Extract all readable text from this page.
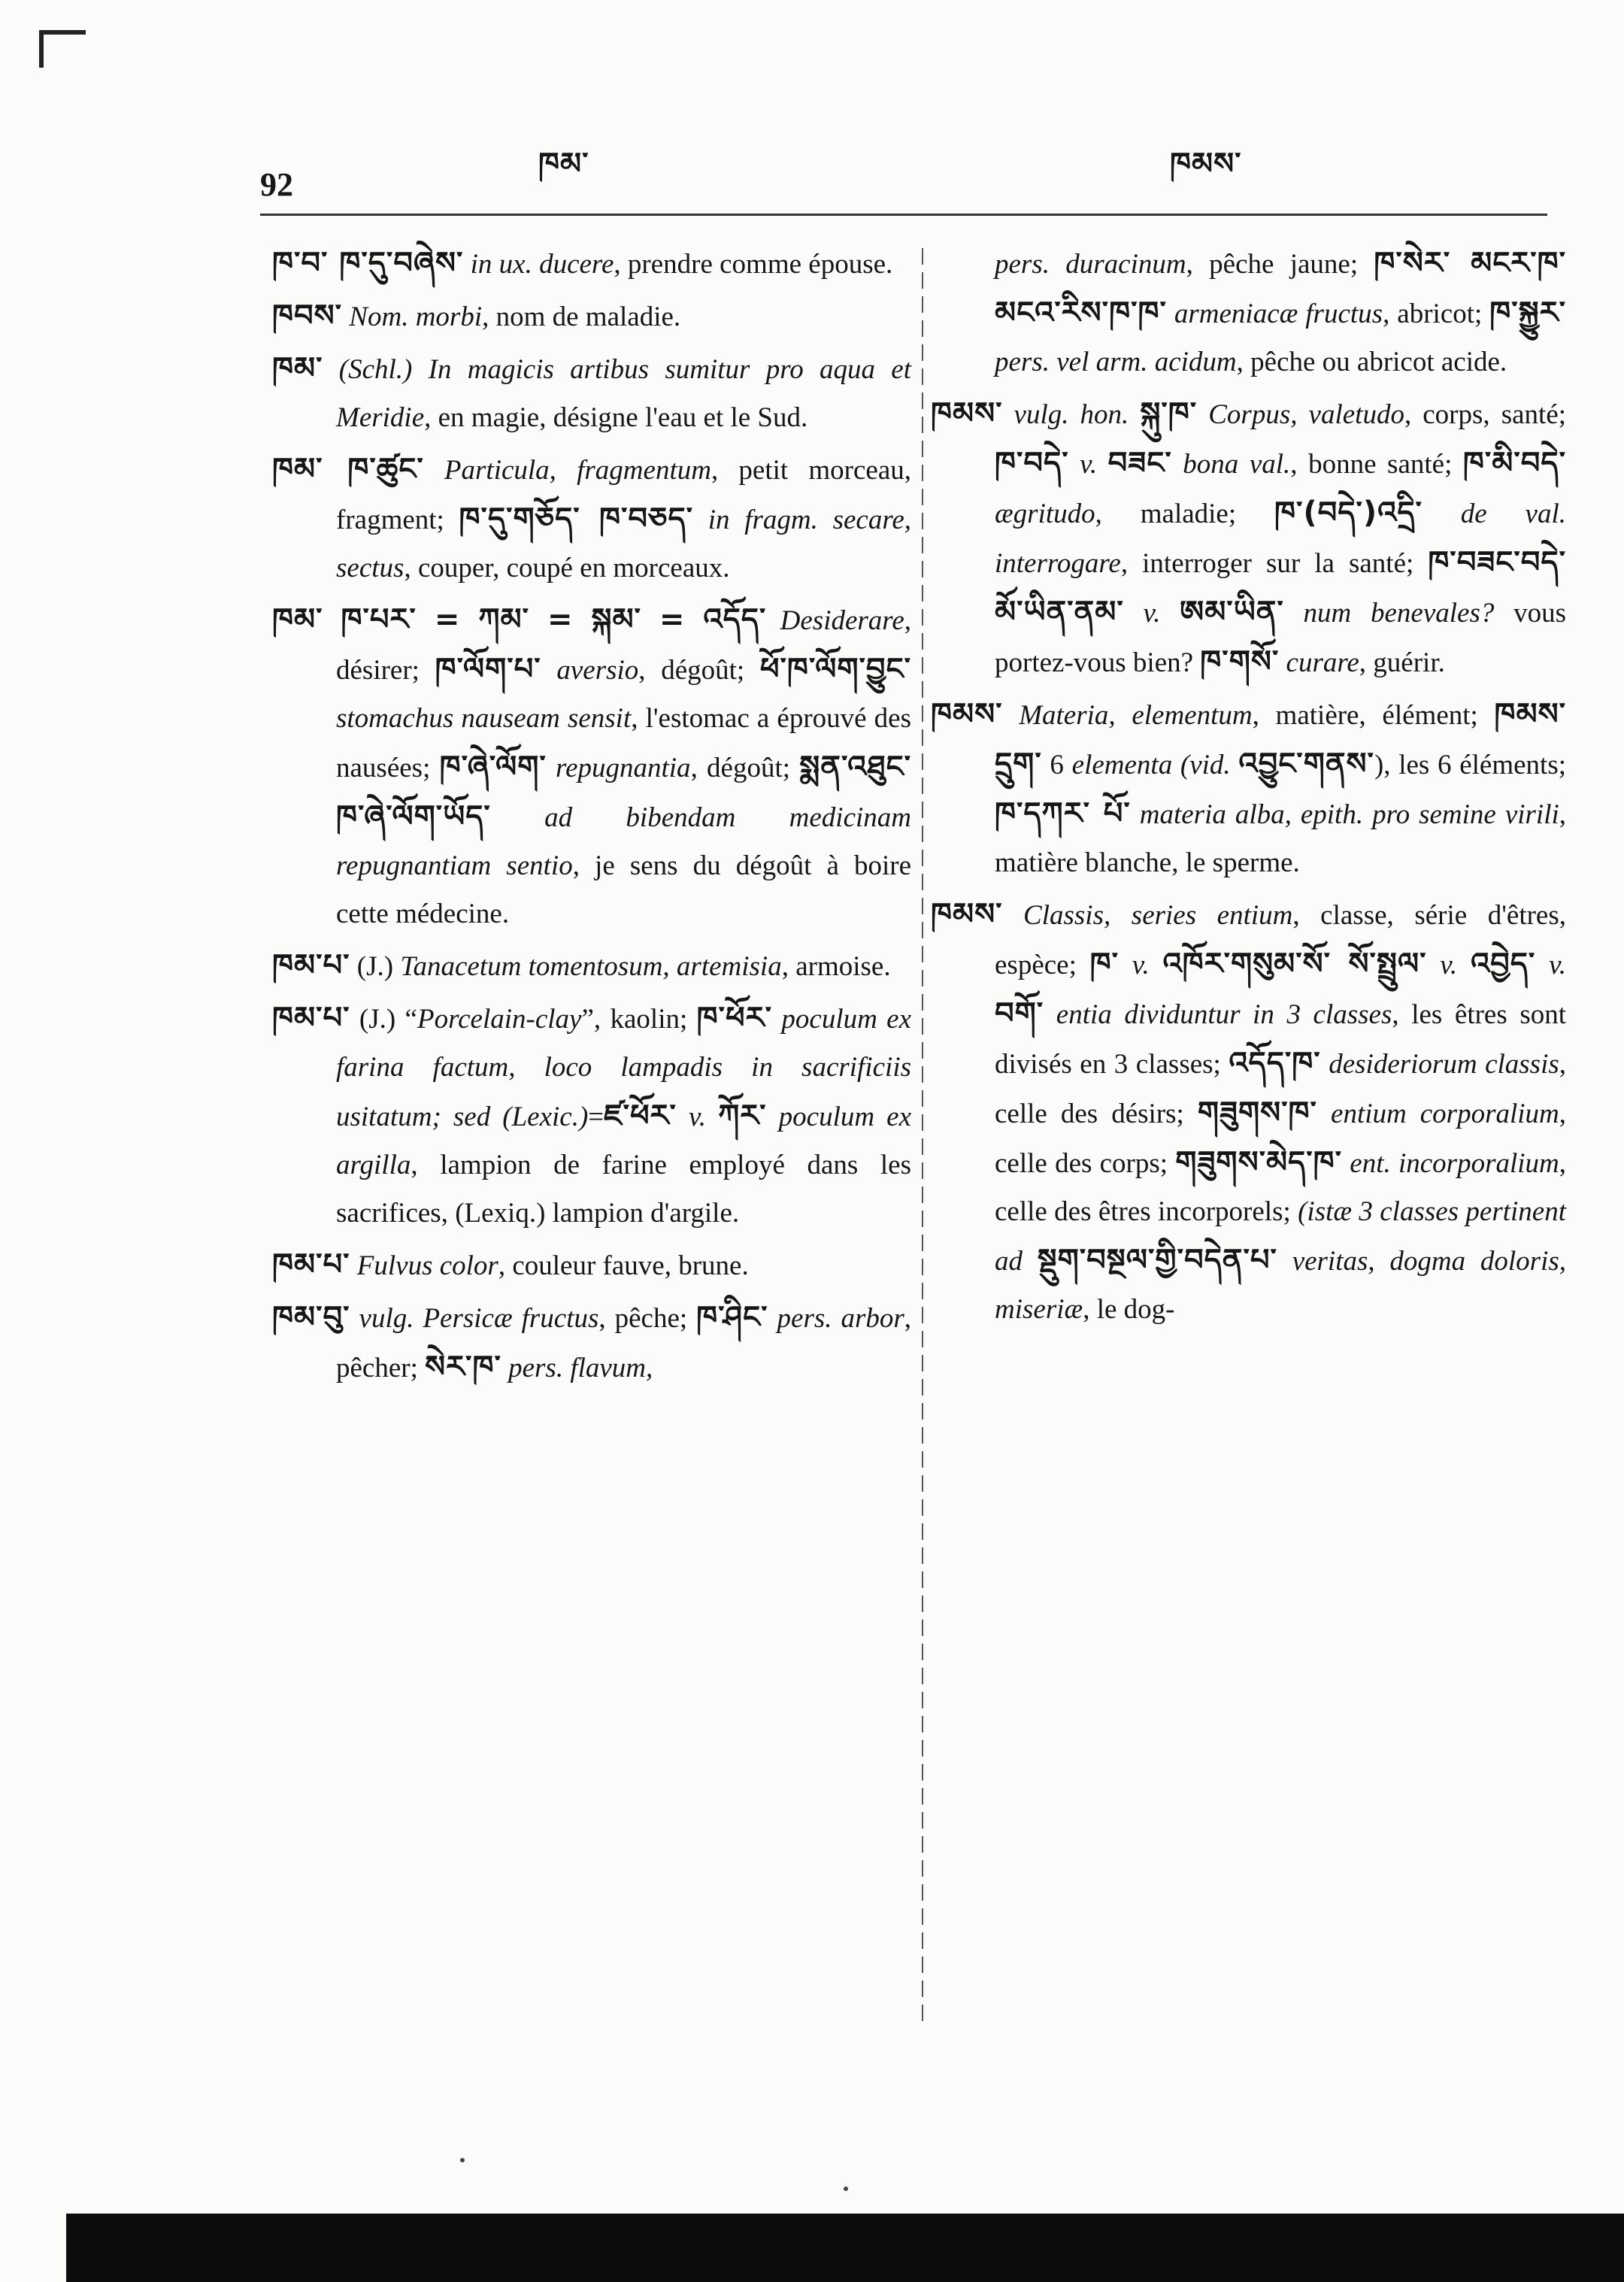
92
ཁམ་	ཁམས་

ཁ་བ་ ཁ་དུ་བཞེས་ in ux. ducere, prendre comme épouse.

ཁབས་ Nom. morbi, nom de maladie.

ཁམ་ (Schl.) In magicis artibus sumitur pro aqua et Meridie, en magie, désigne l'eau et le Sud.

ཁམ་ ཁ་ཚུང་ Particula, fragmentum, petit morceau, fragment; ཁ་དུ་གཅོད་ ཁ་བཅད་ in fragm. secare, sectus, couper, coupé en morceaux.

ཁམ་ ཁ་པར་ = ཀམ་ = སྐམ་ = འདོད་ Desiderare, désirer; ཁ་ལོག་པ་ aversio, dégoût; ཕོ་ཁ་ལོག་བྱུང་ stomachus nauseam sensit, l'estomac a éprouvé des nausées; ཁ་ཞེ་ལོག་ repugnantia, dégoût; སྨན་འཐུང་ཁ་ཞེ་ལོག་ཡོད་ ad bibendam medicinam repugnantiam sentio, je sens du dégoût à boire cette médecine.

ཁམ་པ་ (J.) Tanacetum tomentosum, artemisia, armoise.

ཁམ་པ་ (J.) “Porcelain-clay”, kaolin; ཁ་ཕོར་ poculum ex farina factum, loco lampadis in sacrificiis usitatum; sed (Lexic.)=ཛ་ཕོར་ v. ཀོར་ poculum ex argilla, lampion de farine employé dans les sacrifices, (Lexiq.) lampion d'argile.

ཁམ་པ་ Fulvus color, couleur fauve, brune.

ཁམ་བུ་ vulg. Persicæ fructus, pêche; ཁ་ཤིང་ pers. arbor, pêcher; སེར་ཁ་ pers. flavum,

pers. duracinum, pêche jaune; ཁ་སེར་ མངར་ཁ་ མངའ་རིས་ཁ་ཁ་ armeniacæ fructus, abricot; ཁ་སྐྱུར་ pers. vel arm. acidum, pêche ou abricot acide.

ཁམས་ vulg. hon. སྐུ་ཁ་ Corpus, valetudo, corps, santé; ཁ་བདེ་ v. བཟང་ bona val., bonne santé; ཁ་མི་བདེ་ ægritudo, maladie; ཁ་(བདེ་)འདྲི་ de val. interrogare, interroger sur la santé; ཁ་བཟང་བདེ་ མོ་ཡིན་ནམ་ v. ཨམ་ཡིན་ num benevales? vous portez-vous bien? ཁ་གསོ་ curare, guérir.

ཁམས་ Materia, elementum, matière, élément; ཁམས་དྲུག་ 6 elementa (vid. འབྱུང་གནས་), les 6 éléments; ཁ་དཀར་ པོ་ materia alba, epith. pro semine virili, matière blanche, le sperme.

ཁམས་ Classis, series entium, classe, série d'êtres, espèce; ཁ་ v. འཁོར་གསུམ་སོ་ སོ་སྤྲུལ་ v. འབྱེད་ v. བགོ་ entia dividuntur in 3 classes, les êtres sont divisés en 3 classes; འདོད་ཁ་ desideriorum classis, celle des désirs; གཟུགས་ཁ་ entium corporalium, celle des corps; གཟུགས་མེད་ཁ་ ent. incorporalium, celle des êtres incorporels; (istæ 3 classes pertinent ad སྡུག་བསྔལ་གྱི་བདེན་པ་ veritas, dogma doloris, miseriæ, le dog-
